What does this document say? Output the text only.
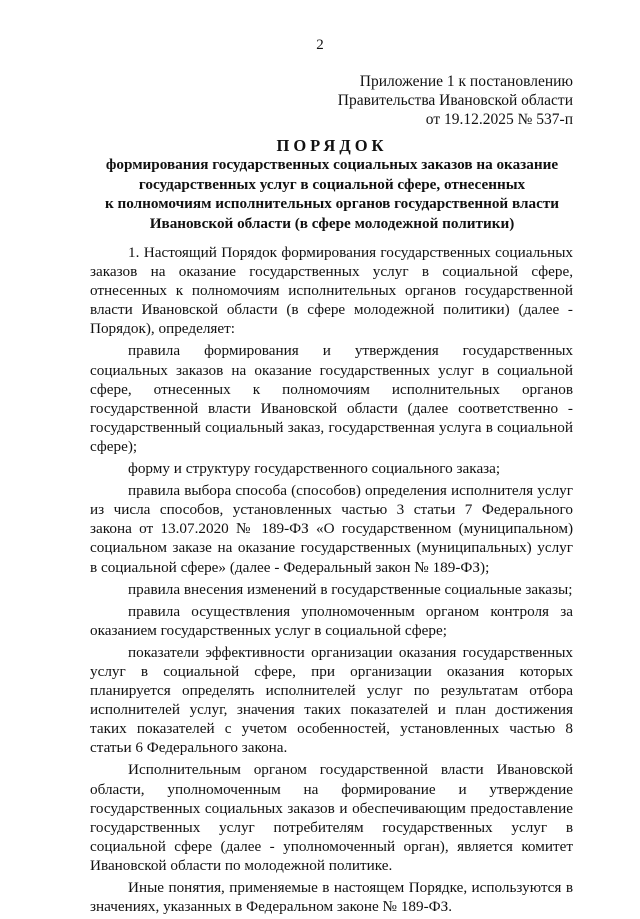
2
Приложение 1 к постановлению
Правительства Ивановской области
от 19.12.2025 № 537-п
ПОРЯДОК
формирования государственных социальных заказов на оказание
государственных услуг в социальной сфере, отнесенных
к полномочиям исполнительных органов государственной власти
Ивановской области (в сфере молодежной политики)

1. Настоящий Порядок формирования государственных социальных заказов на оказание государственных услуг в социальной сфере, отнесенных к полномочиям исполнительных органов государственной власти Ивановской области (в сфере молодежной политики) (далее - Порядок), определяет:

правила формирования и утверждения государственных социальных заказов на оказание государственных услуг в социальной сфере, отнесенных к полномочиям исполнительных органов государственной власти Ивановской области (далее соответственно - государственный социальный заказ, государственная услуга в социальной сфере);

форму и структуру государственного социального заказа;

правила выбора способа (способов) определения исполнителя услуг из числа способов, установленных частью 3 статьи 7 Федерального закона от 13.07.2020 № 189-ФЗ «О государственном (муниципальном) социальном заказе на оказание государственных (муниципальных) услуг в социальной сфере» (далее - Федеральный закон № 189-ФЗ);

правила внесения изменений в государственные социальные заказы;

правила осуществления уполномоченным органом контроля за оказанием государственных услуг в социальной сфере;

показатели эффективности организации оказания государственных услуг в социальной сфере, при организации оказания которых планируется определять исполнителей услуг по результатам отбора исполнителей услуг, значения таких показателей и план достижения таких показателей с учетом особенностей, установленных частью 8 статьи 6 Федерального закона.

Исполнительным органом государственной власти Ивановской области, уполномоченным на формирование и утверждение государственных социальных заказов и обеспечивающим предоставление государственных услуг потребителям государственных услуг в социальной сфере (далее - уполномоченный орган), является комитет Ивановской области по молодежной политике.

Иные понятия, применяемые в настоящем Порядке, используются в значениях, указанных в Федеральном законе № 189-ФЗ.
